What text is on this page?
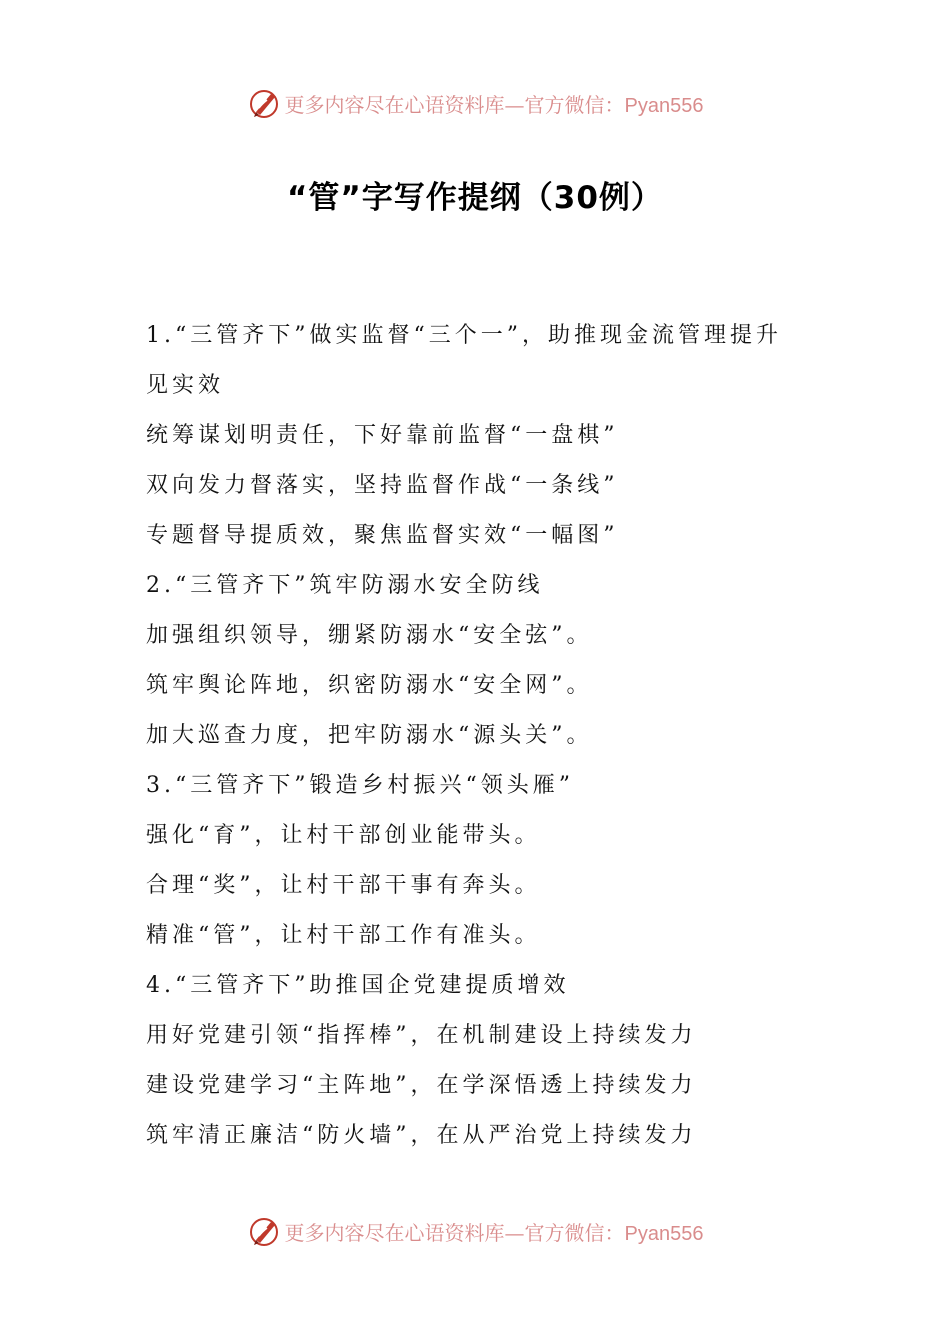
更多内容尽在心语资料库—官方微信：Pyan556
“管”字写作提纲（30例）
1.“三管齐下”做实监督“三个一”，助推现金流管理提升
见实效
统筹谋划明责任，下好靠前监督“一盘棋”
双向发力督落实，坚持监督作战“一条线”
专题督导提质效，聚焦监督实效“一幅图”
2.“三管齐下”筑牢防溺水安全防线
加强组织领导，绷紧防溺水“安全弦”。
筑牢舆论阵地，织密防溺水“安全网”。
加大巡查力度，把牢防溺水“源头关”。
3.“三管齐下”锻造乡村振兴“领头雁”
强化“育”，让村干部创业能带头。
合理“奖”，让村干部干事有奔头。
精准“管”，让村干部工作有准头。
4.“三管齐下”助推国企党建提质增效
用好党建引领“指挥棒”，在机制建设上持续发力
建设党建学习“主阵地”，在学深悟透上持续发力
筑牢清正廉洁“防火墙”，在从严治党上持续发力
更多内容尽在心语资料库—官方微信：Pyan556
